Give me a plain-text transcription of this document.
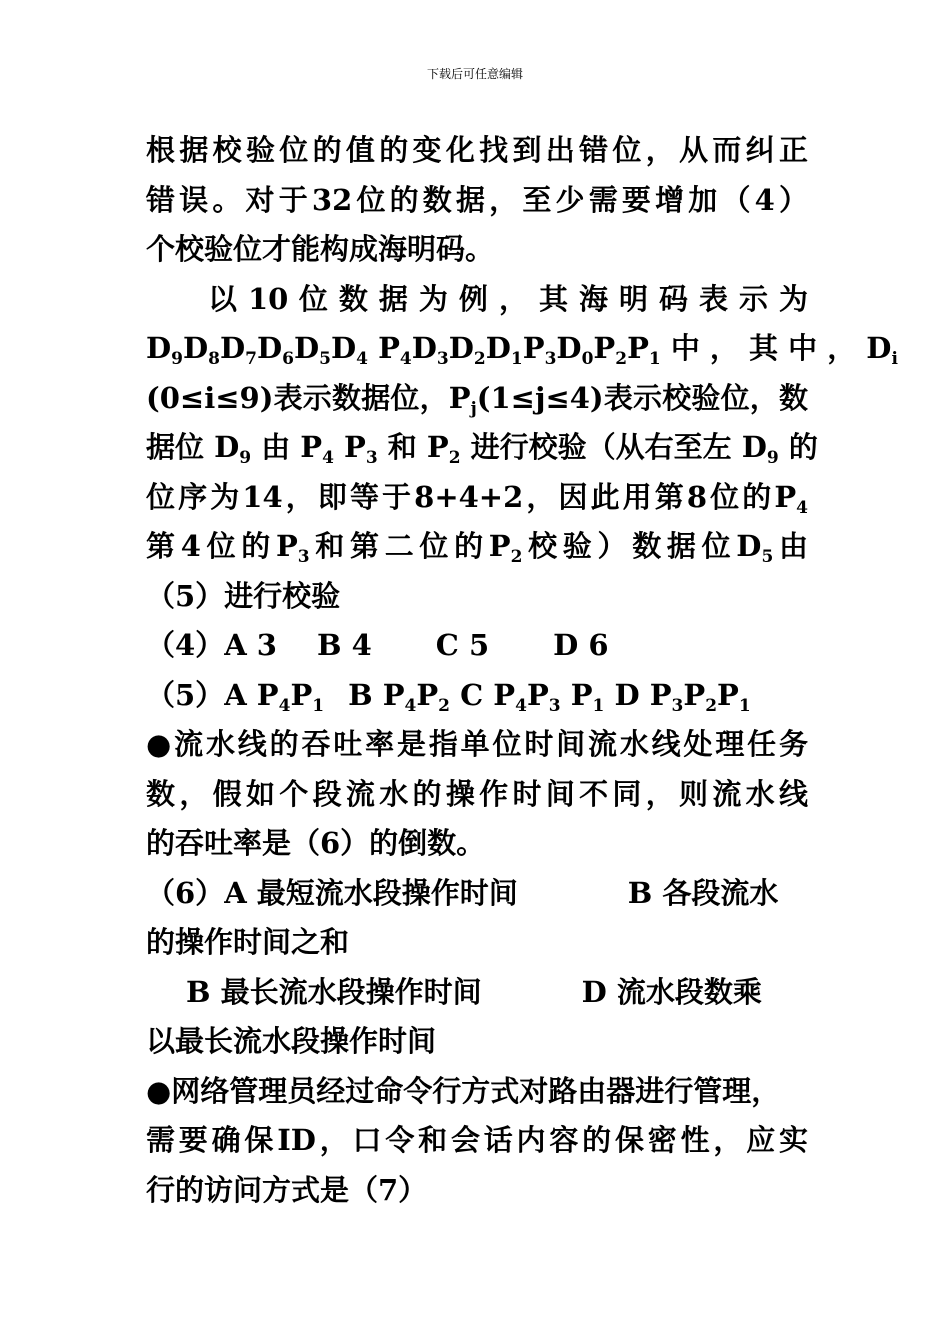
下载后可任意编辑
根据校验位的值的变化找到出错位，从而纠正
错误。对于32位的数据，至少需要增加（4）
个校验位才能构成海明码。
以 10 位 数 据 为 例 ， 其 海 明 码 表 示 为
$D_9D_8D_7D_6D_5D_4$ $P_4D_3D_2D_1P_3D_0P_2P_1$ 中 ， 其 中 ， $D_i$
(0≤i≤9)表示数据位，$P_j(1\le j\le 4)$表示校验位，数
据位 $D_9$ 由 $P_4$ $P_3$ 和 $P_2$ 进行校验（从右至左 $D_9$ 的
位序为14，即等于8+4+2，因此用第8位的$P_4$
第4位的$P_3$和第二位的$P_2$校验）数据位$D_5$由
（5）进行校验
（4）A 3 B 4 C 5 D 6
（5）A $P_4P_1$ B $P_4P_2$ C $P_4P_3$ $P_1$ D $P_3P_2P_1$
●流水线的吞吐率是指单位时间流水线处理任务
数，假如个段流水的操作时间不同，则流水线
的吞吐率是（6）的倒数。
（6）A 最短流水段操作时间	B 各段流水
的操作时间之和
B 最长流水段操作时间	D 流水段数乘
以最长流水段操作时间
●网络管理员经过命令行方式对路由器进行管理，
需要确保ID，口令和会话内容的保密性，应实
行的访问方式是（7）
